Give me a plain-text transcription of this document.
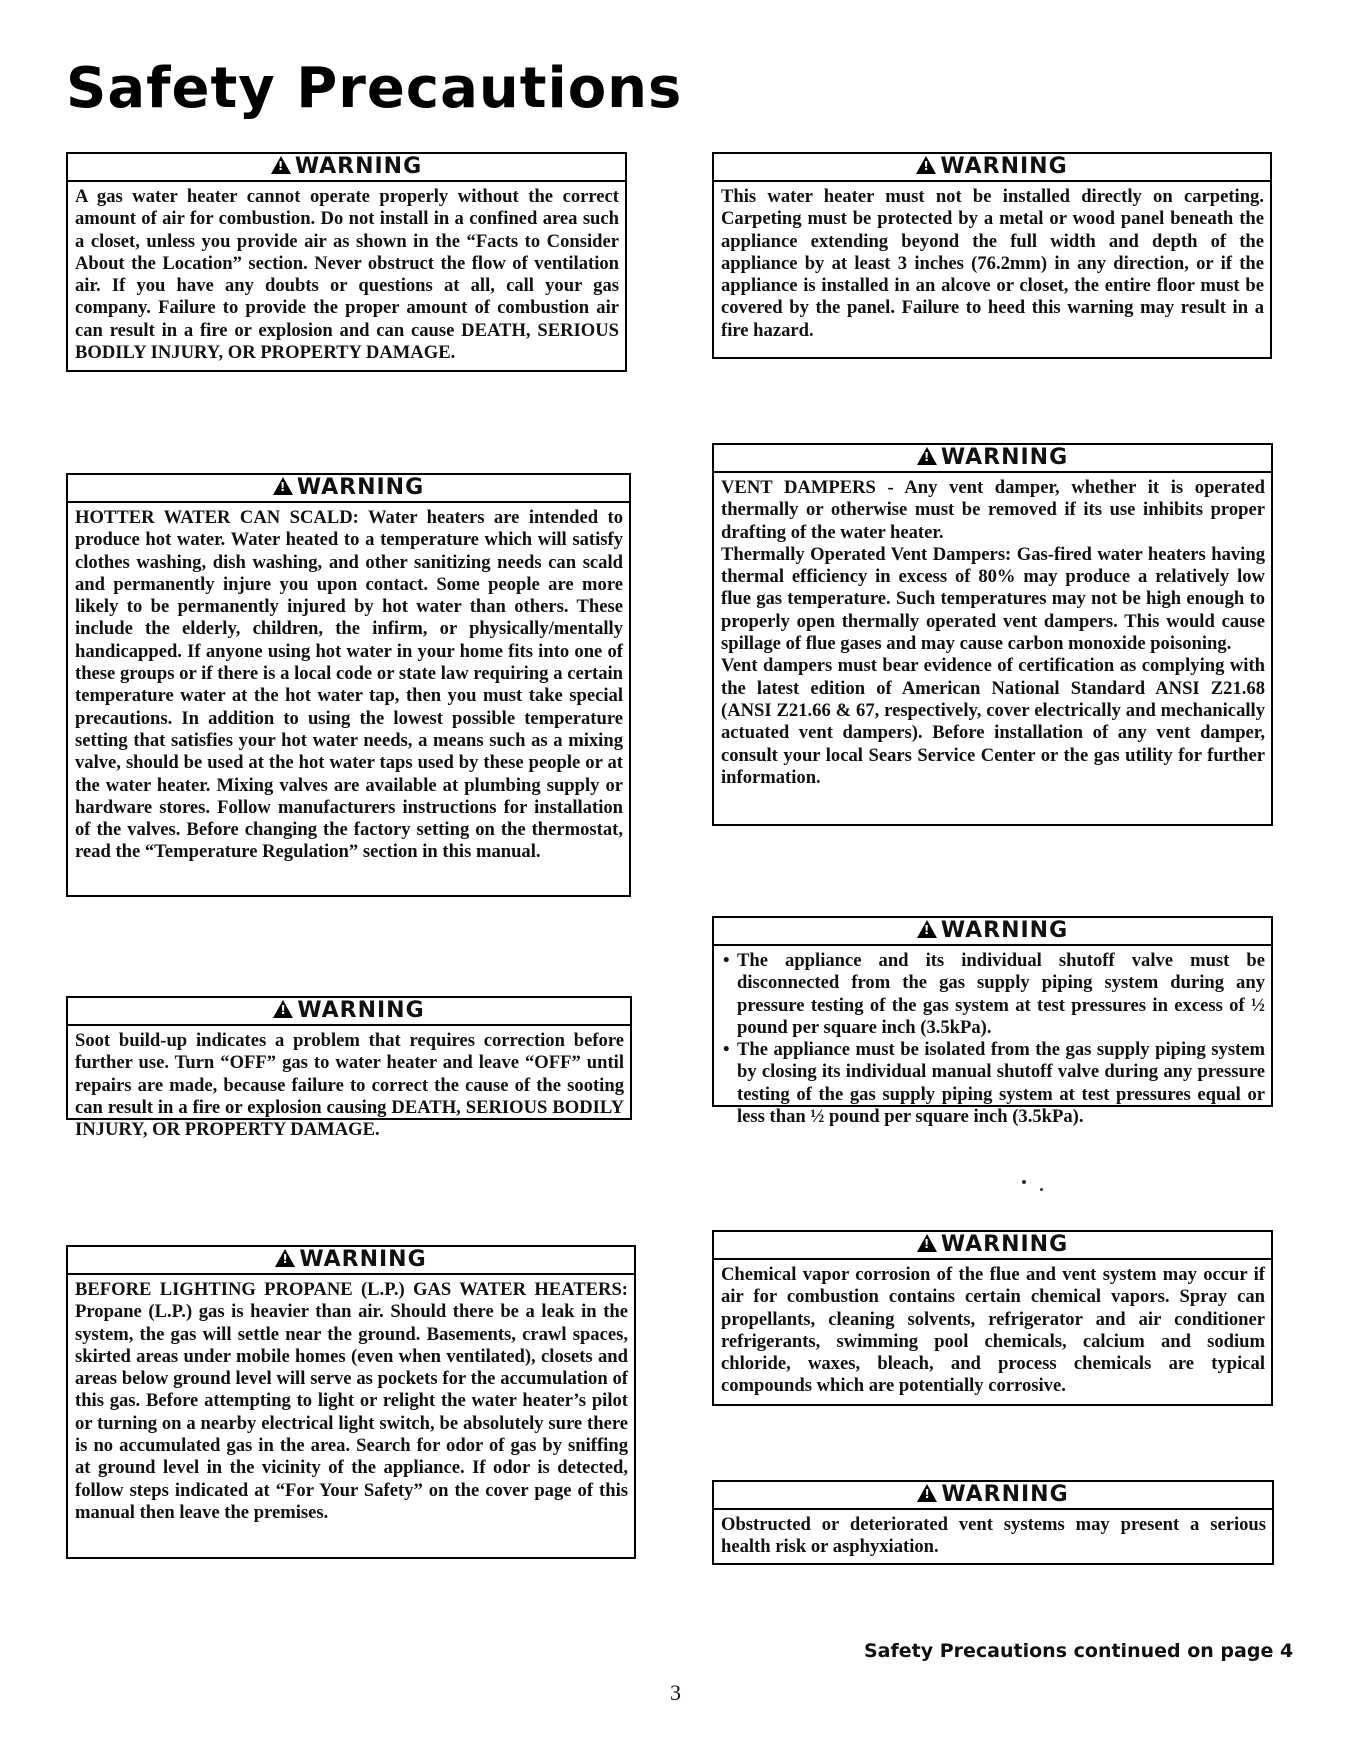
Safety Precautions
!WARNING

A gas water heater cannot operate properly without the correct amount of air for combustion. Do not install in a confined area such a closet, unless you provide air as shown in the “Facts to Consider About the Location” section. Never obstruct the flow of ventilation air. If you have any doubts or questions at all, call your gas company. Failure to provide the proper amount of combustion air can result in a fire or explosion and can cause DEATH, SERIOUS BODILY INJURY, OR PROPERTY DAMAGE.

!WARNING

HOTTER WATER CAN SCALD: Water heaters are intended to produce hot water. Water heated to a temperature which will satisfy clothes washing, dish washing, and other sanitizing needs can scald and permanently injure you upon contact. Some people are more likely to be permanently injured by hot water than others. These include the elderly, children, the infirm, or physically/mentally handicapped. If anyone using hot water in your home fits into one of these groups or if there is a local code or state law requiring a certain temperature water at the hot water tap, then you must take special precautions. In addition to using the lowest possible temperature setting that satisfies your hot water needs, a means such as a mixing valve, should be used at the hot water taps used by these people or at the water heater. Mixing valves are available at plumbing supply or hardware stores. Follow manufacturers instructions for installation of the valves. Before changing the factory setting on the thermostat, read the “Temperature Regulation” section in this manual.

!WARNING

Soot build-up indicates a problem that requires correction before further use. Turn “OFF” gas to water heater and leave “OFF” until repairs are made, because failure to correct the cause of the sooting can result in a fire or explosion causing DEATH, SERIOUS BODILY INJURY, OR PROPERTY DAMAGE.

!WARNING

BEFORE LIGHTING PROPANE (L.P.) GAS WATER HEATERS: Propane (L.P.) gas is heavier than air. Should there be a leak in the system, the gas will settle near the ground. Basements, crawl spaces, skirted areas under mobile homes (even when ventilated), closets and areas below ground level will serve as pockets for the accumulation of this gas. Before attempting to light or relight the water heater’s pilot or turning on a nearby electrical light switch, be absolutely sure there is no accumulated gas in the area. Search for odor of gas by sniffing at ground level in the vicinity of the appliance. If odor is detected, follow steps indicated at “For Your Safety” on the cover page of this manual then leave the premises.

!WARNING

This water heater must not be installed directly on carpeting. Carpeting must be protected by a metal or wood panel beneath the appliance extending beyond the full width and depth of the appliance by at least 3 inches (76.2mm) in any direction, or if the appliance is installed in an alcove or closet, the entire floor must be covered by the panel. Failure to heed this warning may result in a fire hazard.

!WARNING

VENT DAMPERS - Any vent damper, whether it is operated thermally or otherwise must be removed if its use inhibits proper drafting of the water heater.

Thermally Operated Vent Dampers: Gas-fired water heaters having thermal efficiency in excess of 80% may produce a relatively low flue gas temperature. Such temperatures may not be high enough to properly open thermally operated vent dampers. This would cause spillage of flue gases and may cause carbon monoxide poisoning.

Vent dampers must bear evidence of certification as complying with the latest edition of American National Standard ANSI Z21.68 (ANSI Z21.66 & 67, respectively, cover electrically and mechanically actuated vent dampers). Before installation of any vent damper, consult your local Sears Service Center or the gas utility for further information.

!WARNING
• The appliance and its individual shutoff valve must be disconnected from the gas supply piping system during any pressure testing of the gas system at test pressures in excess of ½ pound per square inch (3.5kPa).
• The appliance must be isolated from the gas supply piping system by closing its individual manual shutoff valve during any pressure testing of the gas supply piping system at test pressures equal or less than ½ pound per square inch (3.5kPa).
!WARNING

Chemical vapor corrosion of the flue and vent system may occur if air for combustion contains certain chemical vapors. Spray can propellants, cleaning solvents, refrigerator and air conditioner refrigerants, swimming pool chemicals, calcium and sodium chloride, waxes, bleach, and process chemicals are typical compounds which are potentially corrosive.

!WARNING

Obstructed or deteriorated vent systems may present a serious health risk or asphyxiation.

Safety Precautions continued on page 4
3
